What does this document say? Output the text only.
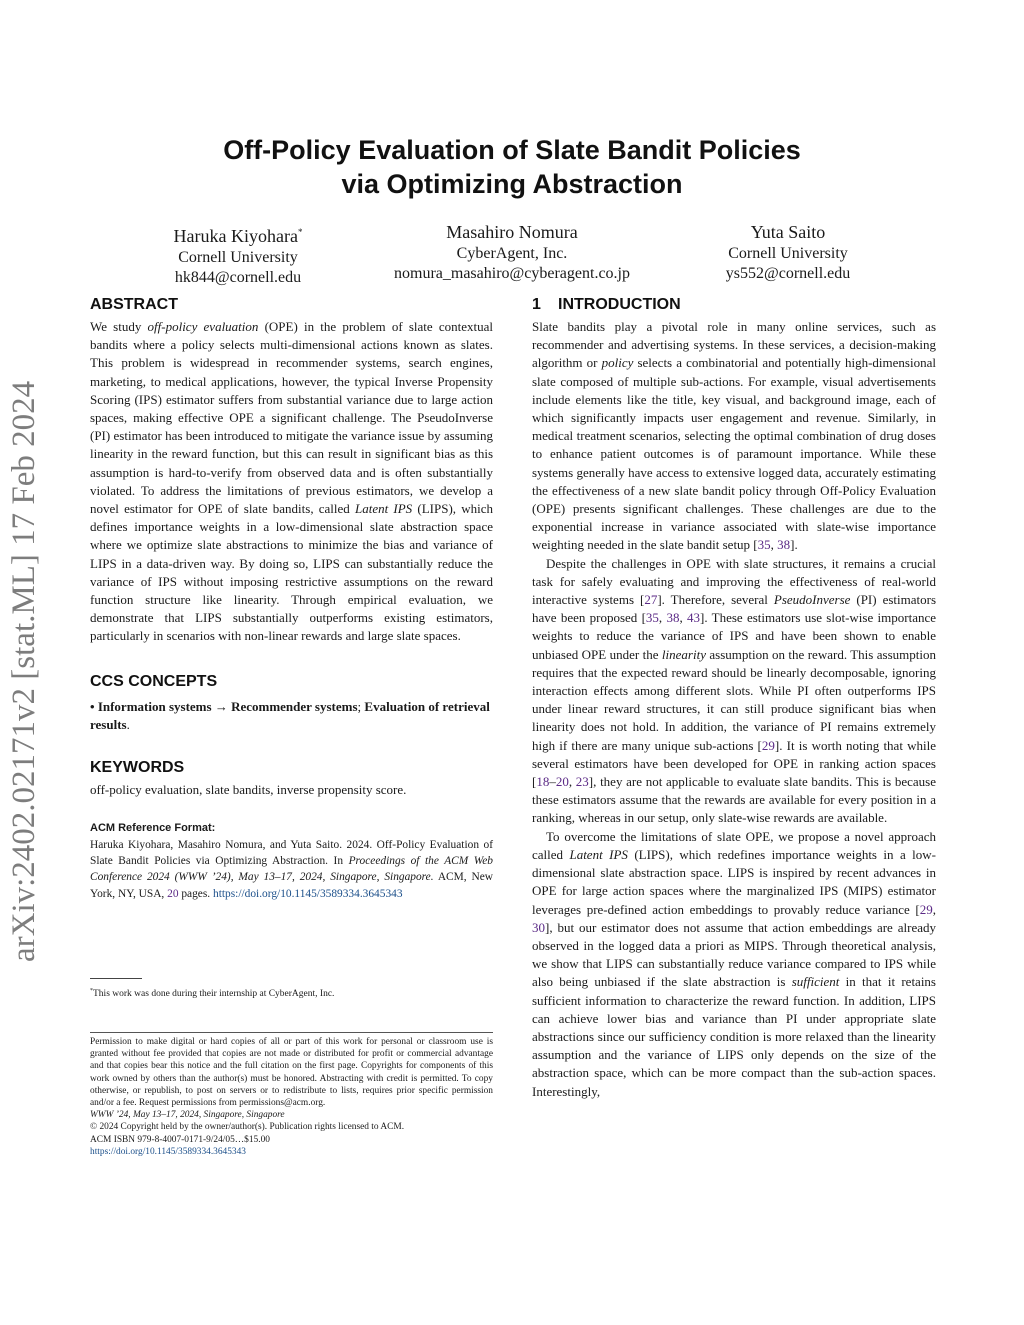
arXiv:2402.02171v2 [stat.ML] 17 Feb 2024
Off-Policy Evaluation of Slate Bandit Policies
via Optimizing Abstraction
Haruka Kiyohara*
Cornell University
hk844@cornell.edu
Masahiro Nomura
CyberAgent, Inc.
nomura_masahiro@cyberagent.co.jp
Yuta Saito
Cornell University
ys552@cornell.edu
ABSTRACT

We study off-policy evaluation (OPE) in the problem of slate contextual bandits where a policy selects multi-dimensional actions known as slates. This problem is widespread in recommender systems, search engines, marketing, to medical applications, however, the typical Inverse Propensity Scoring (IPS) estimator suffers from substantial variance due to large action spaces, making effective OPE a significant challenge. The PseudoInverse (PI) estimator has been introduced to mitigate the variance issue by assuming linearity in the reward function, but this can result in significant bias as this assumption is hard-to-verify from observed data and is often substantially violated. To address the limitations of previous estimators, we develop a novel estimator for OPE of slate bandits, called Latent IPS (LIPS), which defines importance weights in a low-dimensional slate abstraction space where we optimize slate abstractions to minimize the bias and variance of LIPS in a data-driven way. By doing so, LIPS can substantially reduce the variance of IPS without imposing restrictive assumptions on the reward function structure like linearity. Through empirical evaluation, we demonstrate that LIPS substantially outperforms existing estimators, particularly in scenarios with non-linear rewards and large slate spaces.

CCS CONCEPTS

• Information systems → Recommender systems; Evaluation of retrieval results.

KEYWORDS

off-policy evaluation, slate bandits, inverse propensity score.

ACM Reference Format:

Haruka Kiyohara, Masahiro Nomura, and Yuta Saito. 2024. Off-Policy Evaluation of Slate Bandit Policies via Optimizing Abstraction. In Proceedings of the ACM Web Conference 2024 (WWW ’24), May 13–17, 2024, Singapore, Singapore. ACM, New York, NY, USA, 20 pages. https://doi.org/10.1145/3589334.3645343

*This work was done during their internship at CyberAgent, Inc.
Permission to make digital or hard copies of all or part of this work for personal or classroom use is granted without fee provided that copies are not made or distributed for profit or commercial advantage and that copies bear this notice and the full citation on the first page. Copyrights for components of this work owned by others than the author(s) must be honored. Abstracting with credit is permitted. To copy otherwise, or republish, to post on servers or to redistribute to lists, requires prior specific permission and/or a fee. Request permissions from permissions@acm.org.
WWW ’24, May 13–17, 2024, Singapore, Singapore
© 2024 Copyright held by the owner/author(s). Publication rights licensed to ACM.
ACM ISBN 979-8-4007-0171-9/24/05…$15.00
https://doi.org/10.1145/3589334.3645343
1 INTRODUCTION

Slate bandits play a pivotal role in many online services, such as recommender and advertising systems. In these services, a decision-making algorithm or policy selects a combinatorial and potentially high-dimensional slate composed of multiple sub-actions. For example, visual advertisements include elements like the title, key visual, and background image, each of which significantly impacts user engagement and revenue. Similarly, in medical treatment scenarios, selecting the optimal combination of drug doses to enhance patient outcomes is of paramount importance. While these systems generally have access to extensive logged data, accurately estimating the effectiveness of a new slate bandit policy through Off-Policy Evaluation (OPE) presents significant challenges. These challenges are due to the exponential increase in variance associated with slate-wise importance weighting needed in the slate bandit setup [35, 38].

Despite the challenges in OPE with slate structures, it remains a crucial task for safely evaluating and improving the effectiveness of real-world interactive systems [27]. Therefore, several PseudoInverse (PI) estimators have been proposed [35, 38, 43]. These estimators use slot-wise importance weights to reduce the variance of IPS and have been shown to enable unbiased OPE under the linearity assumption on the reward. This assumption requires that the expected reward should be linearly decomposable, ignoring interaction effects among different slots. While PI often outperforms IPS under linear reward structures, it can still produce significant bias when linearity does not hold. In addition, the variance of PI remains extremely high if there are many unique sub-actions [29]. It is worth noting that while several estimators have been developed for OPE in ranking action spaces [18–20, 23], they are not applicable to evaluate slate bandits. This is because these estimators assume that the rewards are available for every position in a ranking, whereas in our setup, only slate-wise rewards are available.

To overcome the limitations of slate OPE, we propose a novel approach called Latent IPS (LIPS), which redefines importance weights in a low-dimensional slate abstraction space. LIPS is inspired by recent advances in OPE for large action spaces where the marginalized IPS (MIPS) estimator leverages pre-defined action embeddings to provably reduce variance [29, 30], but our estimator does not assume that action embeddings are already observed in the logged data a priori as MIPS. Through theoretical analysis, we show that LIPS can substantially reduce variance compared to IPS while also being unbiased if the slate abstraction is sufficient in that it retains sufficient information to characterize the reward function. In addition, LIPS can achieve lower bias and variance than PI under appropriate slate abstractions since our sufficiency condition is more relaxed than the linearity assumption and the variance of LIPS only depends on the size of the abstraction space, which can be more compact than the sub-action spaces. Interestingly,
